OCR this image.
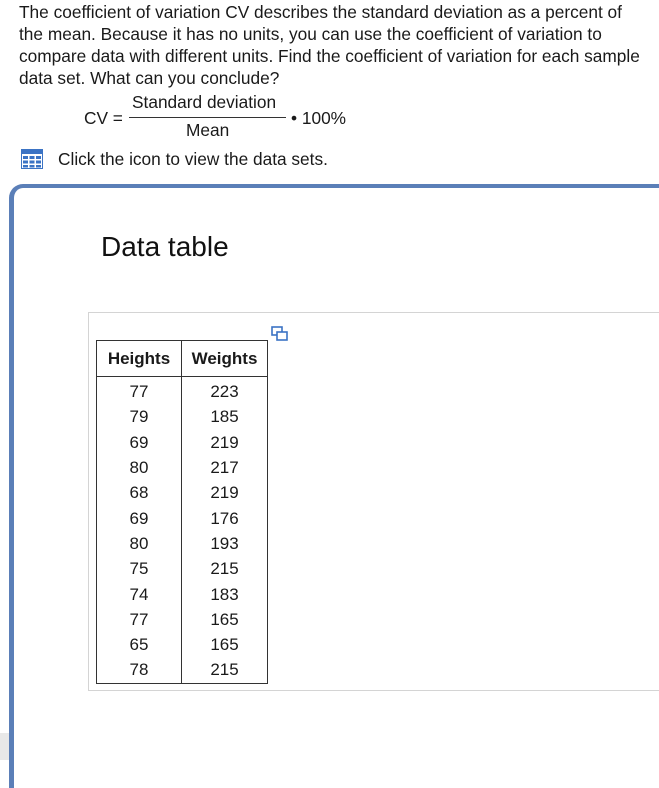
The coefficient of variation CV describes the standard deviation as a percent of the mean. Because it has no units, you can use the coefficient of variation to compare data with different units. Find the coefficient of variation for each sample data set. What can you conclude?
CV =
Standard deviation
Mean
• 100%
Click the icon to view the data sets.
Data table
Heights	Weights
77	223
79	185
69	219
80	217
68	219
69	176
80	193
75	215
74	183
77	165
65	165
78	215
